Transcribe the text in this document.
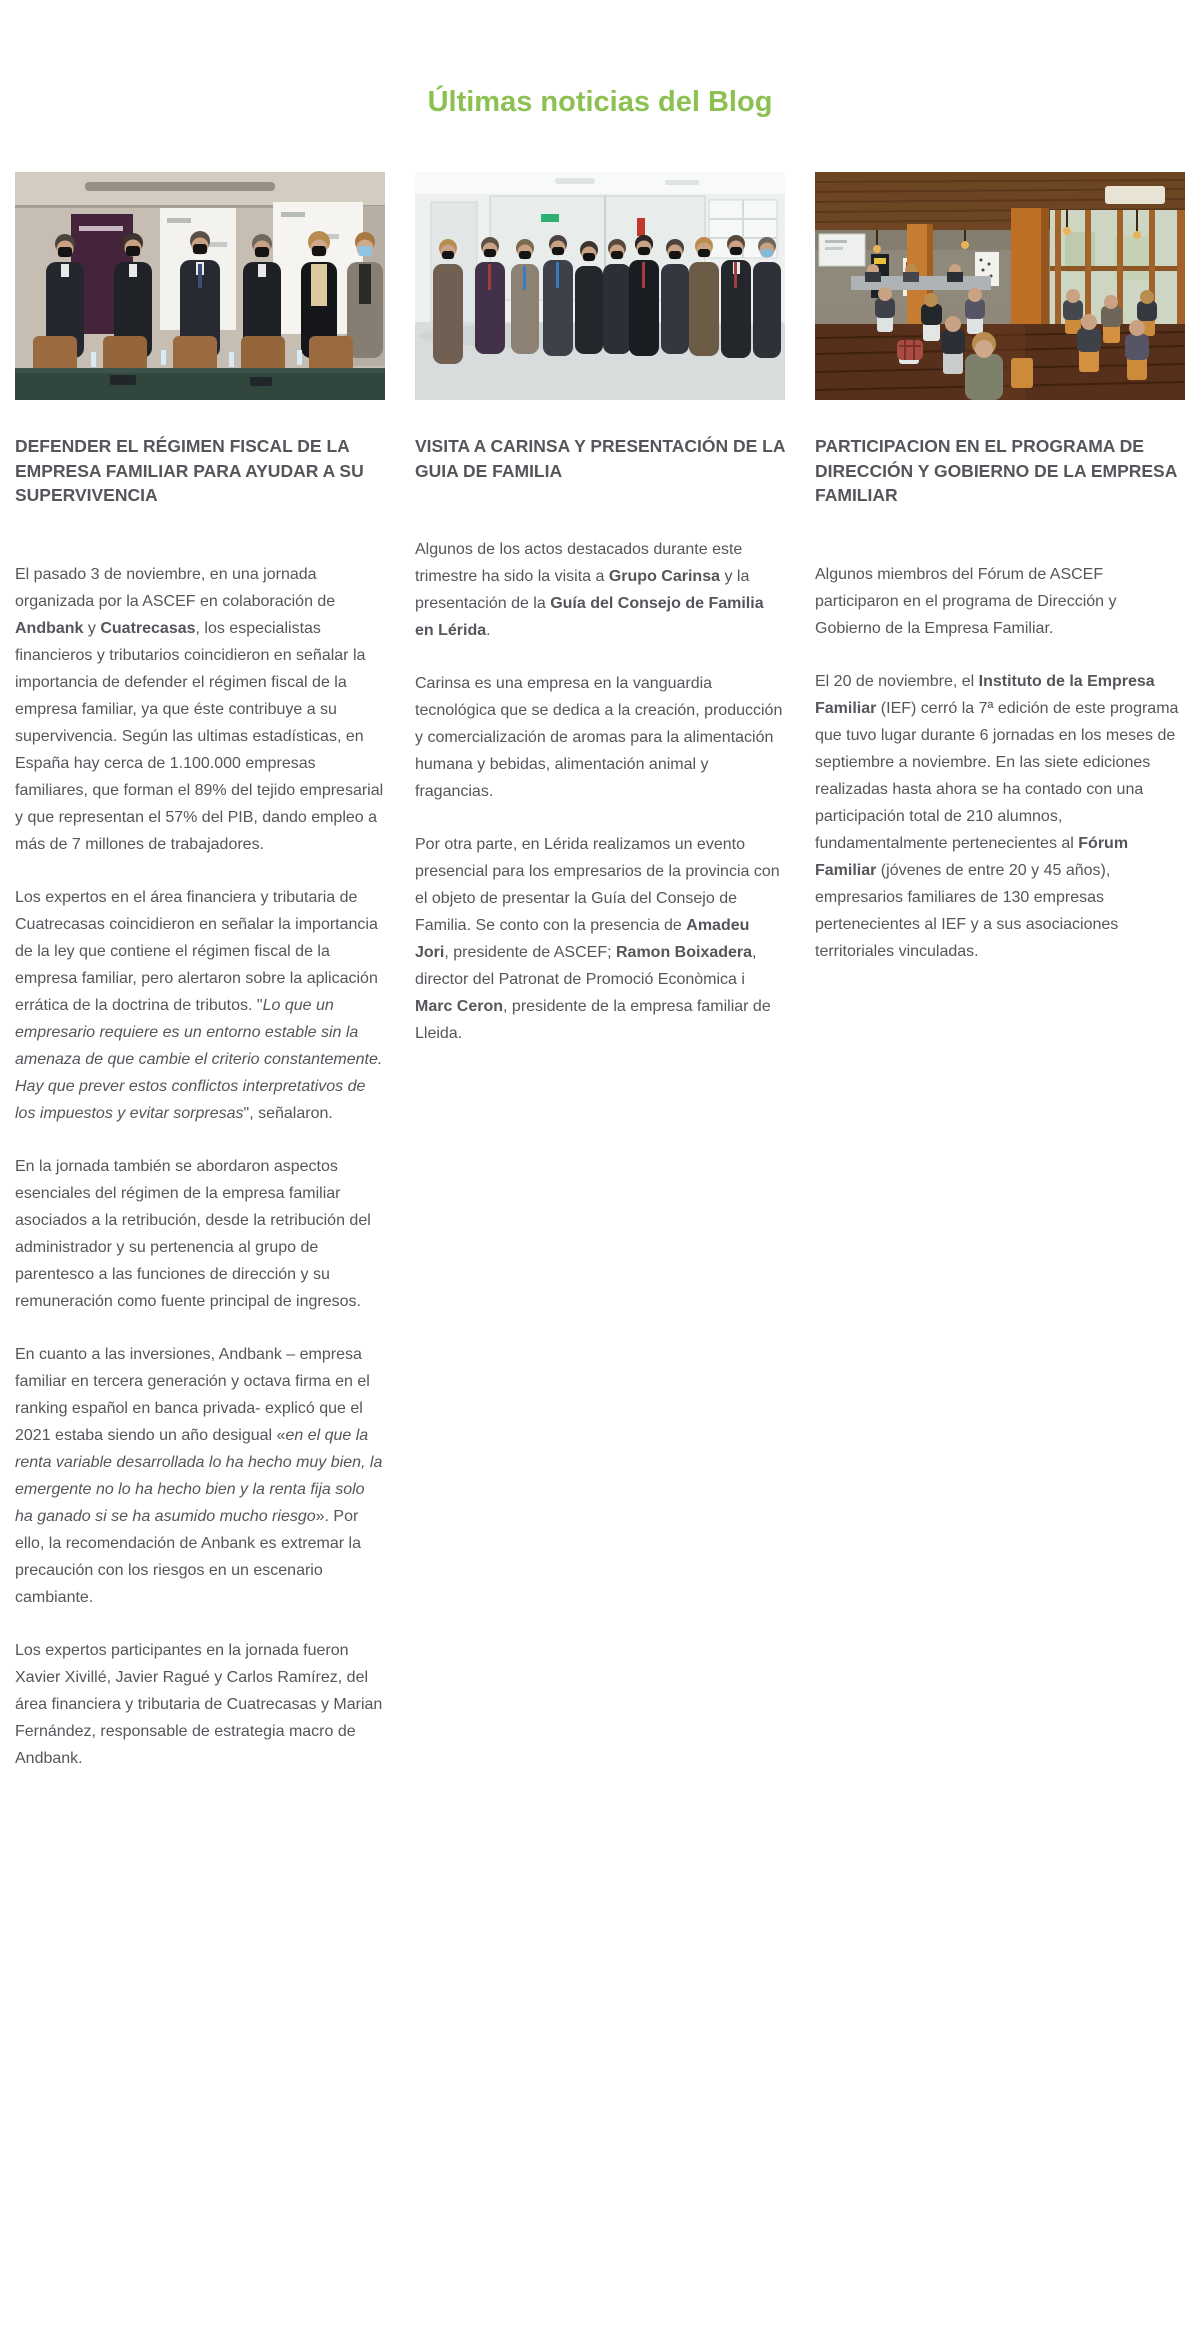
Últimas noticias del Blog
DEFENDER EL RÉGIMEN FISCAL DE LA EMPRESA FAMILIAR PARA AYUDAR A SU SUPERVIVENCIA

El pasado 3 de noviembre, en una jornada organizada por la ASCEF en colaboración de Andbank y Cuatrecasas, los especialistas financieros y tributarios coincidieron en señalar la importancia de defender el régimen fiscal de la empresa familiar, ya que éste contribuye a su supervivencia. Según las ultimas estadísticas, en España hay cerca de 1.100.000 empresas familiares, que forman el 89% del tejido empresarial y que representan el 57% del PIB, dando empleo a más de 7 millones de trabajadores.

Los expertos en el área financiera y tributaria de Cuatrecasas coincidieron en señalar la importancia de la ley que contiene el régimen fiscal de la empresa familiar, pero alertaron sobre la aplicación errática de la doctrina de tributos. "Lo que un empresario requiere es un entorno estable sin la amenaza de que cambie el criterio constantemente. Hay que prever estos conflictos interpretativos de los impuestos y evitar sorpresas", señalaron.

En la jornada también se abordaron aspectos esenciales del régimen de la empresa familiar asociados a la retribución, desde la retribución del administrador y su pertenencia al grupo de parentesco a las funciones de dirección y su remuneración como fuente principal de ingresos.

En cuanto a las inversiones, Andbank – empresa familiar en tercera generación y octava firma en el ranking español en banca privada- explicó que el 2021 estaba siendo un año desigual «en el que la renta variable desarrollada lo ha hecho muy bien, la emergente no lo ha hecho bien y la renta fija solo ha ganado si se ha asumido mucho riesgo». Por ello, la recomendación de Anbank es extremar la precaución con los riesgos en un escenario cambiante.

Los expertos participantes en la jornada fueron Xavier Xivillé, Javier Ragué y Carlos Ramírez, del área financiera y tributaria de Cuatrecasas y Marian Fernández, responsable de estrategia macro de Andbank.

VISITA A CARINSA Y PRESENTACIÓN DE LA GUIA DE FAMILIA

Algunos de los actos destacados durante este trimestre ha sido la visita a Grupo Carinsa y la presentación de la Guía del Consejo de Familia en Lérida.

Carinsa es una empresa en la vanguardia tecnológica que se dedica a la creación, producción y comercialización de aromas para la alimentación humana y bebidas, alimentación animal y fragancias.

Por otra parte, en Lérida realizamos un evento presencial para los empresarios de la provincia con el objeto de presentar la Guía del Consejo de Familia. Se conto con la presencia de Amadeu Jori, presidente de ASCEF; Ramon Boixadera, director del Patronat de Promoció Econòmica i Marc Ceron, presidente de la empresa familiar de Lleida.

PARTICIPACION EN EL PROGRAMA DE DIRECCIÓN Y GOBIERNO DE LA EMPRESA FAMILIAR

Algunos miembros del Fórum de ASCEF participaron en el programa de Dirección y Gobierno de la Empresa Familiar.

El 20 de noviembre, el Instituto de la Empresa Familiar (IEF) cerró la 7ª edición de este programa que tuvo lugar durante 6 jornadas en los meses de septiembre a noviembre. En las siete ediciones realizadas hasta ahora se ha contado con una participación total de 210 alumnos, fundamentalmente pertenecientes al Fórum Familiar (jóvenes de entre 20 y 45 años), empresarios familiares de 130 empresas pertenecientes al IEF y a sus asociaciones territoriales vinculadas.
